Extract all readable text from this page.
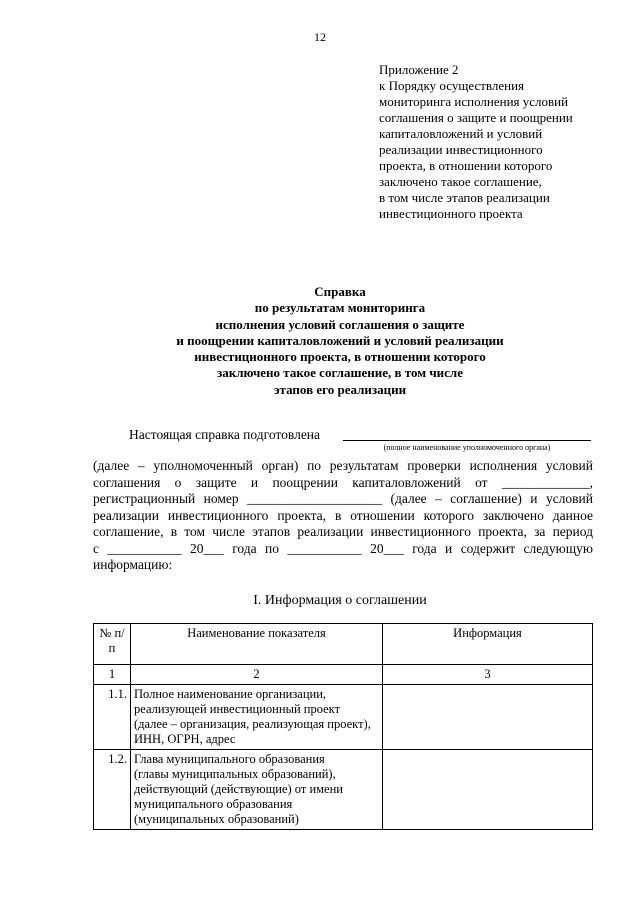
12
Приложение 2
к Порядку осуществления
мониторинга исполнения условий
соглашения о защите и поощрении
капиталовложений и условий
реализации инвестиционного
проекта, в отношении которого
заключено такое соглашение,
в том числе этапов реализации
инвестиционного проекта
Справка
по результатам мониторинга
исполнения условий соглашения о защите
и поощрении капиталовложений и условий реализации
инвестиционного проекта, в отношении которого
заключено такое соглашение, в том числе
этапов его реализации
Настоящая справка подготовлена
(полное наименование уполномоченного органа)
(далее – уполномоченный орган) по результатам проверки исполнения условий
соглашения о защите и поощрении капиталовложений от _____________,
регистрационный номер ____________________ (далее – соглашение) и условий
реализации инвестиционного проекта, в отношении которого заключено данное
соглашение, в том числе этапов реализации инвестиционного проекта, за период
с ___________ 20___ года по ___________ 20___ года и содержит следующую
информацию:
I. Информация о соглашении
№ п/п	Наименование показателя	Информация
1	2	3
1.1.	Полное наименование организации,
реализующей инвестиционный проект
(далее – организация, реализующая проект),
ИНН, ОГРН, адрес	

1.2.	Глава муниципального образования
(главы муниципальных образований),
действующий (действующие) от имени
муниципального образования
(муниципальных образований)	
